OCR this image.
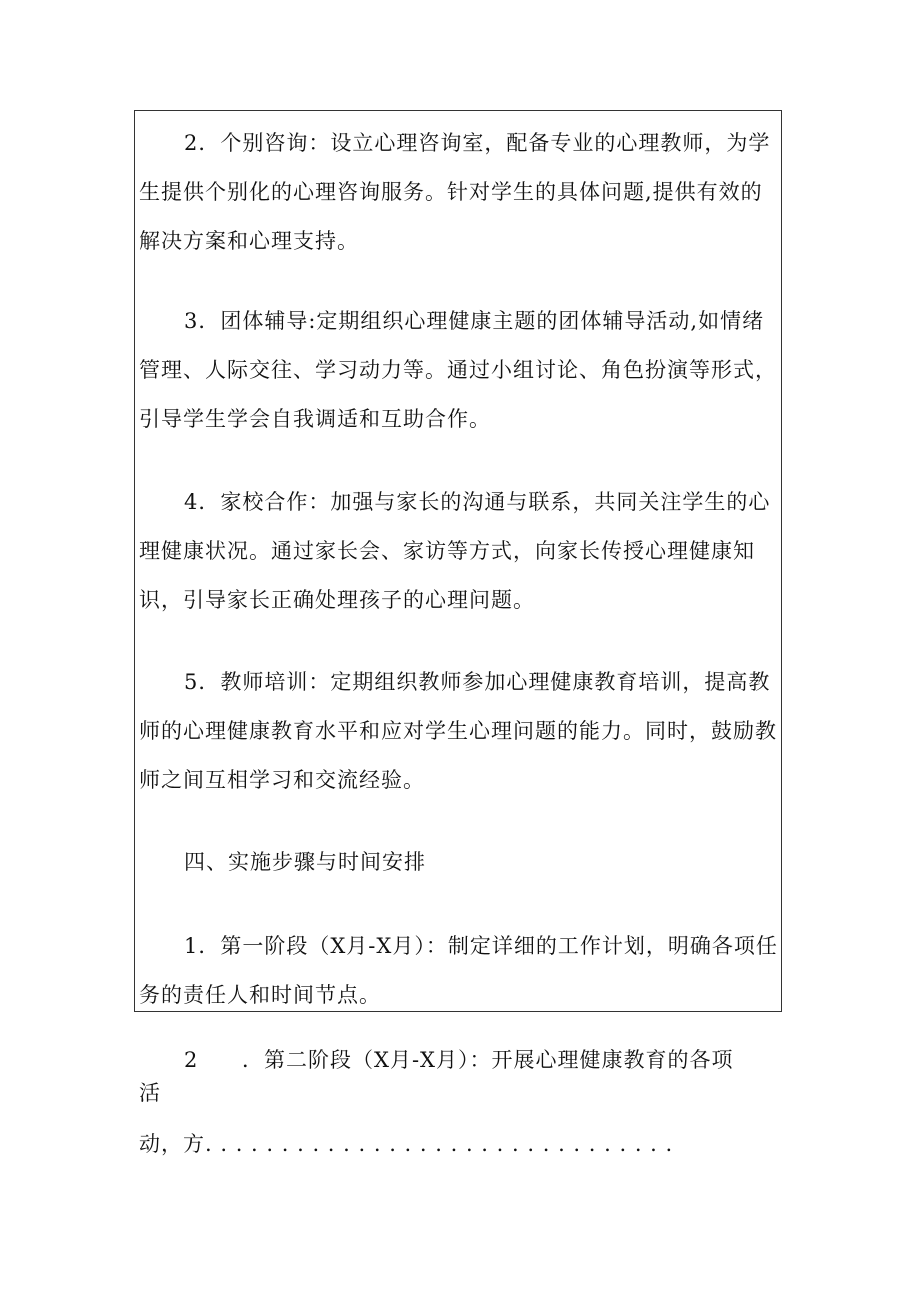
2．个别咨询：设立心理咨询室，配备专业的心理教师，为学生提供个别化的心理咨询服务。针对学生的具体问题,提供有效的解决方案和心理支持。

3．团体辅导:定期组织心理健康主题的团体辅导活动,如情绪管理、人际交往、学习动力等。通过小组讨论、角色扮演等形式，引导学生学会自我调适和互助合作。

4．家校合作：加强与家长的沟通与联系，共同关注学生的心理健康状况。通过家长会、家访等方式，向家长传授心理健康知识，引导家长正确处理孩子的心理问题。

5．教师培训：定期组织教师参加心理健康教育培训，提高教师的心理健康教育水平和应对学生心理问题的能力。同时，鼓励教师之间互相学习和交流经验。

四、实施步骤与时间安排

1．第一阶段（X月-X月）：制定详细的工作计划，明确各项任务的责任人和时间节点。

2 ．第二阶段（X月-X月）：开展心理健康教育的各项

活

动，方. . . . . . . . . . . . . . . . . . . . . . . . . . . . . . .
